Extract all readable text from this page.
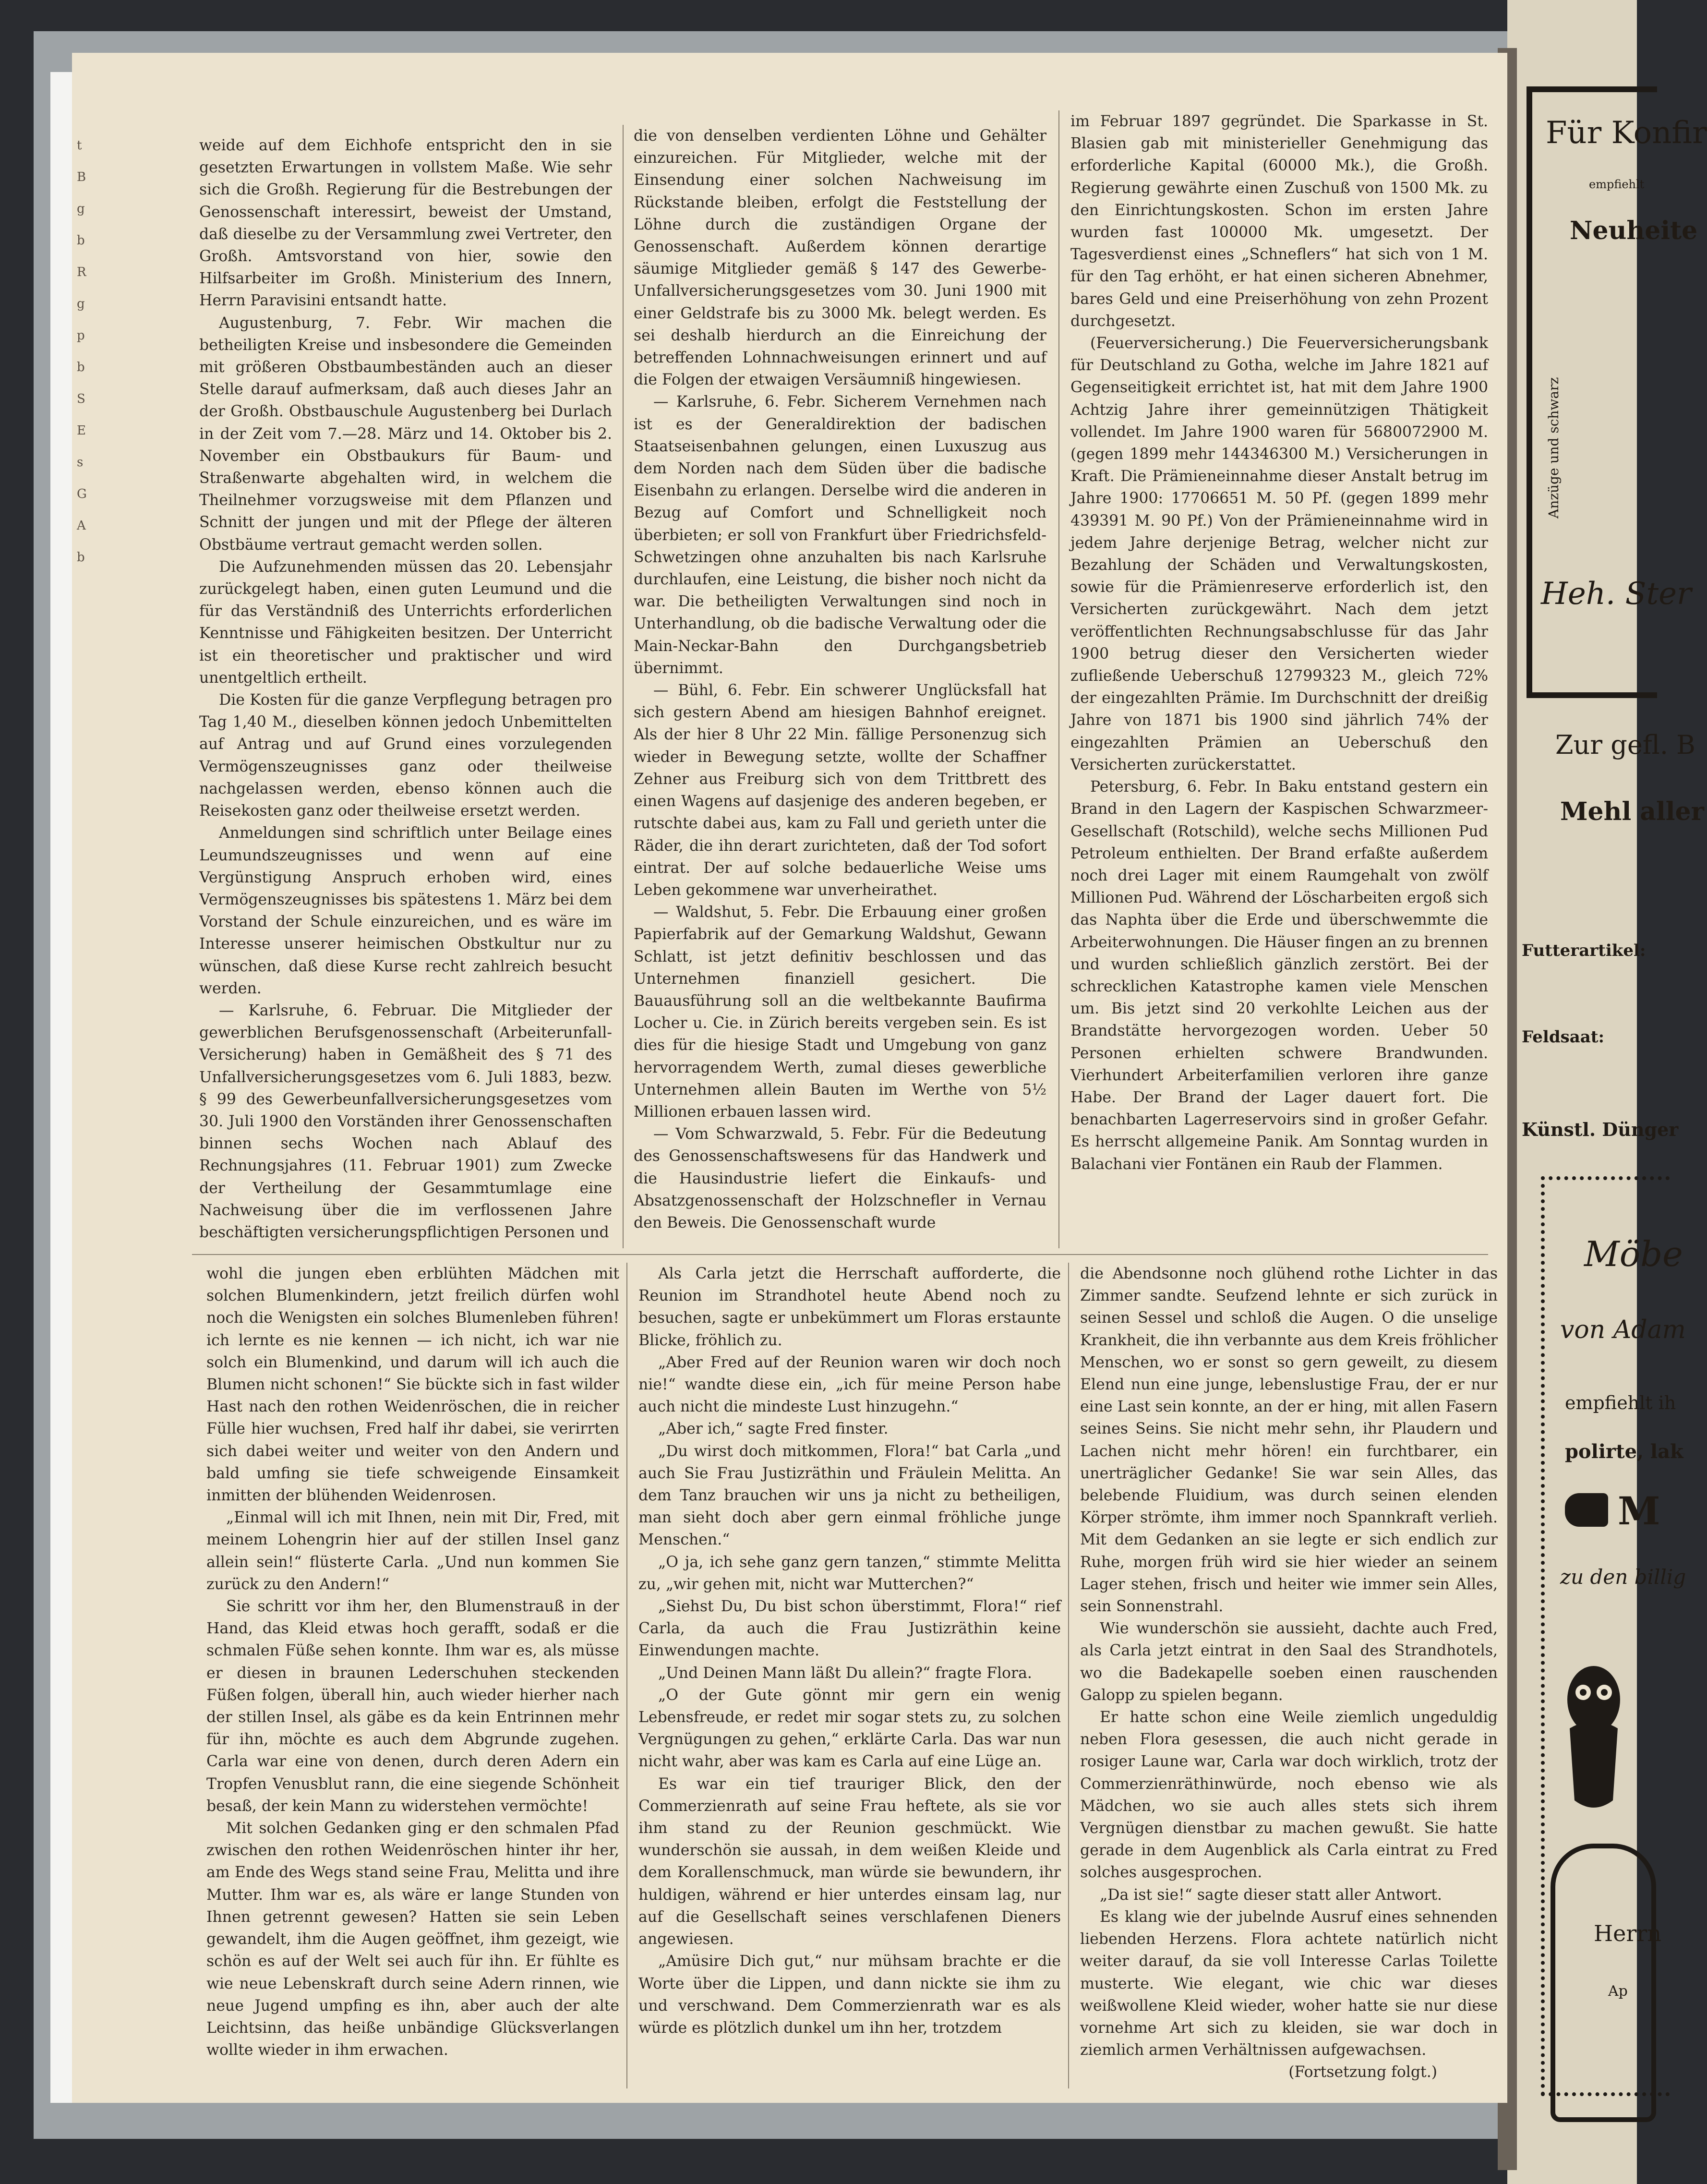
t
B
g
b
R
g
p
b
S
E
s
G
A
b

weide auf dem Eichhofe entspricht den in sie gesetzten Erwartungen in vollstem Maße. Wie sehr sich die Großh. Regierung für die Bestrebungen der Genossenschaft interessirt, beweist der Umstand, daß dieselbe zu der Versammlung zwei Vertreter, den Großh. Amtsvorstand von hier, sowie den Hilfsarbeiter im Großh. Ministerium des Innern, Herrn Paravisini entsandt hatte.

Augustenburg, 7. Febr. Wir machen die betheiligten Kreise und insbesondere die Gemeinden mit größeren Obstbaumbeständen auch an dieser Stelle darauf aufmerksam, daß auch dieses Jahr an der Großh. Obstbauschule Augustenberg bei Durlach in der Zeit vom 7.—28. März und 14. Oktober bis 2. November ein Obstbaukurs für Baum- und Straßenwarte abgehalten wird, in welchem die Theilnehmer vorzugsweise mit dem Pflanzen und Schnitt der jungen und mit der Pflege der älteren Obstbäume vertraut gemacht werden sollen.

Die Aufzunehmenden müssen das 20. Lebensjahr zurückgelegt haben, einen guten Leumund und die für das Verständniß des Unterrichts erforderlichen Kenntnisse und Fähigkeiten besitzen. Der Unterricht ist ein theoretischer und praktischer und wird unentgeltlich ertheilt.

Die Kosten für die ganze Verpflegung betragen pro Tag 1,40 M., dieselben können jedoch Unbemittelten auf Antrag und auf Grund eines vorzulegenden Vermögenszeugnisses ganz oder theilweise nachgelassen werden, ebenso können auch die Reisekosten ganz oder theilweise ersetzt werden.

Anmeldungen sind schriftlich unter Beilage eines Leumundszeugnisses und wenn auf eine Vergünstigung Anspruch erhoben wird, eines Vermögenszeugnisses bis spätestens 1. März bei dem Vorstand der Schule einzureichen, und es wäre im Interesse unserer heimischen Obstkultur nur zu wünschen, daß diese Kurse recht zahlreich besucht werden.

— Karlsruhe, 6. Februar. Die Mitglieder der gewerblichen Berufsgenossenschaft (Arbeiterunfall-Versicherung) haben in Gemäßheit des § 71 des Unfallversicherungsgesetzes vom 6. Juli 1883, bezw. § 99 des Gewerbeunfallversicherungsgesetzes vom 30. Juli 1900 den Vorständen ihrer Genossenschaften binnen sechs Wochen nach Ablauf des Rechnungsjahres (11. Februar 1901) zum Zwecke der Vertheilung der Gesammtumlage eine Nachweisung über die im verflossenen Jahre beschäftigten versicherungspflichtigen Personen und

die von denselben verdienten Löhne und Gehälter einzureichen. Für Mitglieder, welche mit der Einsendung einer solchen Nachweisung im Rückstande bleiben, erfolgt die Feststellung der Löhne durch die zuständigen Organe der Genossenschaft. Außerdem können derartige säumige Mitglieder gemäß § 147 des Gewerbe-Unfallversicherungsgesetzes vom 30. Juni 1900 mit einer Geldstrafe bis zu 3000 Mk. belegt werden. Es sei deshalb hierdurch an die Einreichung der betreffenden Lohnnachweisungen erinnert und auf die Folgen der etwaigen Versäumniß hingewiesen.

— Karlsruhe, 6. Febr. Sicherem Vernehmen nach ist es der Generaldirektion der badischen Staatseisenbahnen gelungen, einen Luxuszug aus dem Norden nach dem Süden über die badische Eisenbahn zu erlangen. Derselbe wird die anderen in Bezug auf Comfort und Schnelligkeit noch überbieten; er soll von Frankfurt über Friedrichsfeld-Schwetzingen ohne anzuhalten bis nach Karlsruhe durchlaufen, eine Leistung, die bisher noch nicht da war. Die betheiligten Verwaltungen sind noch in Unterhandlung, ob die badische Verwaltung oder die Main-Neckar-Bahn den Durchgangsbetrieb übernimmt.

— Bühl, 6. Febr. Ein schwerer Unglücksfall hat sich gestern Abend am hiesigen Bahnhof ereignet. Als der hier 8 Uhr 22 Min. fällige Personenzug sich wieder in Bewegung setzte, wollte der Schaffner Zehner aus Freiburg sich von dem Trittbrett des einen Wagens auf dasjenige des anderen begeben, er rutschte dabei aus, kam zu Fall und gerieth unter die Räder, die ihn derart zurichteten, daß der Tod sofort eintrat. Der auf solche bedauerliche Weise ums Leben gekommene war unverheirathet.

— Waldshut, 5. Febr. Die Erbauung einer großen Papierfabrik auf der Gemarkung Waldshut, Gewann Schlatt, ist jetzt definitiv beschlossen und das Unternehmen finanziell gesichert. Die Bauausführung soll an die weltbekannte Baufirma Locher u. Cie. in Zürich bereits vergeben sein. Es ist dies für die hiesige Stadt und Umgebung von ganz hervorragendem Werth, zumal dieses gewerbliche Unternehmen allein Bauten im Werthe von 5½ Millionen erbauen lassen wird.

— Vom Schwarzwald, 5. Febr. Für die Bedeutung des Genossenschaftswesens für das Handwerk und die Hausindustrie liefert die Einkaufs- und Absatzgenossenschaft der Holzschnefler in Vernau den Beweis. Die Genossenschaft wurde

im Februar 1897 gegründet. Die Sparkasse in St. Blasien gab mit ministerieller Genehmigung das erforderliche Kapital (60000 Mk.), die Großh. Regierung gewährte einen Zuschuß von 1500 Mk. zu den Einrichtungskosten. Schon im ersten Jahre wurden fast 100000 Mk. umgesetzt. Der Tagesverdienst eines „Schneflers“ hat sich von 1 M. für den Tag erhöht, er hat einen sicheren Abnehmer, bares Geld und eine Preiserhöhung von zehn Prozent durchgesetzt.

(Feuerversicherung.) Die Feuerversicherungsbank für Deutschland zu Gotha, welche im Jahre 1821 auf Gegenseitigkeit errichtet ist, hat mit dem Jahre 1900 Achtzig Jahre ihrer gemeinnützigen Thätigkeit vollendet. Im Jahre 1900 waren für 5680072900 M. (gegen 1899 mehr 144346300 M.) Versicherungen in Kraft. Die Prämieneinnahme dieser Anstalt betrug im Jahre 1900: 17706651 M. 50 Pf. (gegen 1899 mehr 439391 M. 90 Pf.) Von der Prämieneinnahme wird in jedem Jahre derjenige Betrag, welcher nicht zur Bezahlung der Schäden und Verwaltungskosten, sowie für die Prämienreserve erforderlich ist, den Versicherten zurückgewährt. Nach dem jetzt veröffentlichten Rechnungsabschlusse für das Jahr 1900 betrug dieser den Versicherten wieder zufließende Ueberschuß 12799323 M., gleich 72% der eingezahlten Prämie. Im Durchschnitt der dreißig Jahre von 1871 bis 1900 sind jährlich 74% der eingezahlten Prämien an Ueberschuß den Versicherten zurückerstattet.

Petersburg, 6. Febr. In Baku entstand gestern ein Brand in den Lagern der Kaspischen Schwarzmeer-Gesellschaft (Rotschild), welche sechs Millionen Pud Petroleum enthielten. Der Brand erfaßte außerdem noch drei Lager mit einem Raumgehalt von zwölf Millionen Pud. Während der Löscharbeiten ergoß sich das Naphta über die Erde und überschwemmte die Arbeiterwohnungen. Die Häuser fingen an zu brennen und wurden schließlich gänzlich zerstört. Bei der schrecklichen Katastrophe kamen viele Menschen um. Bis jetzt sind 20 verkohlte Leichen aus der Brandstätte hervorgezogen worden. Ueber 50 Personen erhielten schwere Brandwunden. Vierhundert Arbeiterfamilien verloren ihre ganze Habe. Der Brand der Lager dauert fort. Die benachbarten Lagerreservoirs sind in großer Gefahr. Es herrscht allgemeine Panik. Am Sonntag wurden in Balachani vier Fontänen ein Raub der Flammen.

wohl die jungen eben erblühten Mädchen mit solchen Blumenkindern, jetzt freilich dürfen wohl noch die Wenigsten ein solches Blumenleben führen! ich lernte es nie kennen — ich nicht, ich war nie solch ein Blumenkind, und darum will ich auch die Blumen nicht schonen!“ Sie bückte sich in fast wilder Hast nach den rothen Weidenröschen, die in reicher Fülle hier wuchsen, Fred half ihr dabei, sie verirrten sich dabei weiter und weiter von den Andern und bald umfing sie tiefe schweigende Einsamkeit inmitten der blühenden Weidenrosen.

„Einmal will ich mit Ihnen, nein mit Dir, Fred, mit meinem Lohengrin hier auf der stillen Insel ganz allein sein!“ flüsterte Carla. „Und nun kommen Sie zurück zu den Andern!“

Sie schritt vor ihm her, den Blumenstrauß in der Hand, das Kleid etwas hoch gerafft, sodaß er die schmalen Füße sehen konnte. Ihm war es, als müsse er diesen in braunen Lederschuhen steckenden Füßen folgen, überall hin, auch wieder hierher nach der stillen Insel, als gäbe es da kein Entrinnen mehr für ihn, möchte es auch dem Abgrunde zugehen. Carla war eine von denen, durch deren Adern ein Tropfen Venusblut rann, die eine siegende Schönheit besaß, der kein Mann zu widerstehen vermöchte!

Mit solchen Gedanken ging er den schmalen Pfad zwischen den rothen Weidenröschen hinter ihr her, am Ende des Wegs stand seine Frau, Melitta und ihre Mutter. Ihm war es, als wäre er lange Stunden von Ihnen getrennt gewesen? Hatten sie sein Leben gewandelt, ihm die Augen geöffnet, ihm gezeigt, wie schön es auf der Welt sei auch für ihn. Er fühlte es wie neue Lebenskraft durch seine Adern rinnen, wie neue Jugend umpfing es ihn, aber auch der alte Leichtsinn, das heiße unbändige Glücksverlangen wollte wieder in ihm erwachen.

Als Carla jetzt die Herrschaft aufforderte, die Reunion im Strandhotel heute Abend noch zu besuchen, sagte er unbekümmert um Floras erstaunte Blicke, fröhlich zu.

„Aber Fred auf der Reunion waren wir doch noch nie!“ wandte diese ein, „ich für meine Person habe auch nicht die mindeste Lust hinzugehn.“

„Aber ich,“ sagte Fred finster.

„Du wirst doch mitkommen, Flora!“ bat Carla „und auch Sie Frau Justizräthin und Fräulein Melitta. An dem Tanz brauchen wir uns ja nicht zu betheiligen, man sieht doch aber gern einmal fröhliche junge Menschen.“

„O ja, ich sehe ganz gern tanzen,“ stimmte Melitta zu, „wir gehen mit, nicht war Mutterchen?“

„Siehst Du, Du bist schon überstimmt, Flora!“ rief Carla, da auch die Frau Justizräthin keine Einwendungen machte.

„Und Deinen Mann läßt Du allein?“ fragte Flora.

„O der Gute gönnt mir gern ein wenig Lebensfreude, er redet mir sogar stets zu, zu solchen Vergnügungen zu gehen,“ erklärte Carla. Das war nun nicht wahr, aber was kam es Carla auf eine Lüge an.

Es war ein tief trauriger Blick, den der Commerzienrath auf seine Frau heftete, als sie vor ihm stand zu der Reunion geschmückt. Wie wunderschön sie aussah, in dem weißen Kleide und dem Korallenschmuck, man würde sie bewundern, ihr huldigen, während er hier unterdes einsam lag, nur auf die Gesellschaft seines verschlafenen Dieners angewiesen.

„Amüsire Dich gut,“ nur mühsam brachte er die Worte über die Lippen, und dann nickte sie ihm zu und verschwand. Dem Commerzienrath war es als würde es plötzlich dunkel um ihn her, trotzdem

die Abendsonne noch glühend rothe Lichter in das Zimmer sandte. Seufzend lehnte er sich zurück in seinen Sessel und schloß die Augen. O die unselige Krankheit, die ihn verbannte aus dem Kreis fröhlicher Menschen, wo er sonst so gern geweilt, zu diesem Elend nun eine junge, lebenslustige Frau, der er nur eine Last sein konnte, an der er hing, mit allen Fasern seines Seins. Sie nicht mehr sehn, ihr Plaudern und Lachen nicht mehr hören! ein furchtbarer, ein unerträglicher Gedanke! Sie war sein Alles, das belebende Fluidium, was durch seinen elenden Körper strömte, ihm immer noch Spannkraft verlieh. Mit dem Gedanken an sie legte er sich endlich zur Ruhe, morgen früh wird sie hier wieder an seinem Lager stehen, frisch und heiter wie immer sein Alles, sein Sonnenstrahl.

Wie wunderschön sie aussieht, dachte auch Fred, als Carla jetzt eintrat in den Saal des Strandhotels, wo die Badekapelle soeben einen rauschenden Galopp zu spielen begann.

Er hatte schon eine Weile ziemlich ungeduldig neben Flora gesessen, die auch nicht gerade in rosiger Laune war, Carla war doch wirklich, trotz der Commerzienräthinwürde, noch ebenso wie als Mädchen, wo sie auch alles stets sich ihrem Vergnügen dienstbar zu machen gewußt. Sie hatte gerade in dem Augenblick als Carla eintrat zu Fred solches ausgesprochen.

„Da ist sie!“ sagte dieser statt aller Antwort.

Es klang wie der jubelnde Ausruf eines sehnenden liebenden Herzens. Flora achtete natürlich nicht weiter darauf, da sie voll Interesse Carlas Toilette musterte. Wie elegant, wie chic war dieses weißwollene Kleid wieder, woher hatte sie nur diese vornehme Art sich zu kleiden, sie war doch in ziemlich armen Verhältnissen aufgewachsen.

(Fortsetzung folgt.)

Für Konfir
empfiehlt
Neuheite
Anzüge und schwarz
Heh. Ster
Zur gefl. B
Mehl aller
Futterartikel:
Feldsaat:
Künstl. Dünger
Möbe
von Adam
empfiehlt ih
polirte, lak
M
zu den billig
Herrn
Ap
